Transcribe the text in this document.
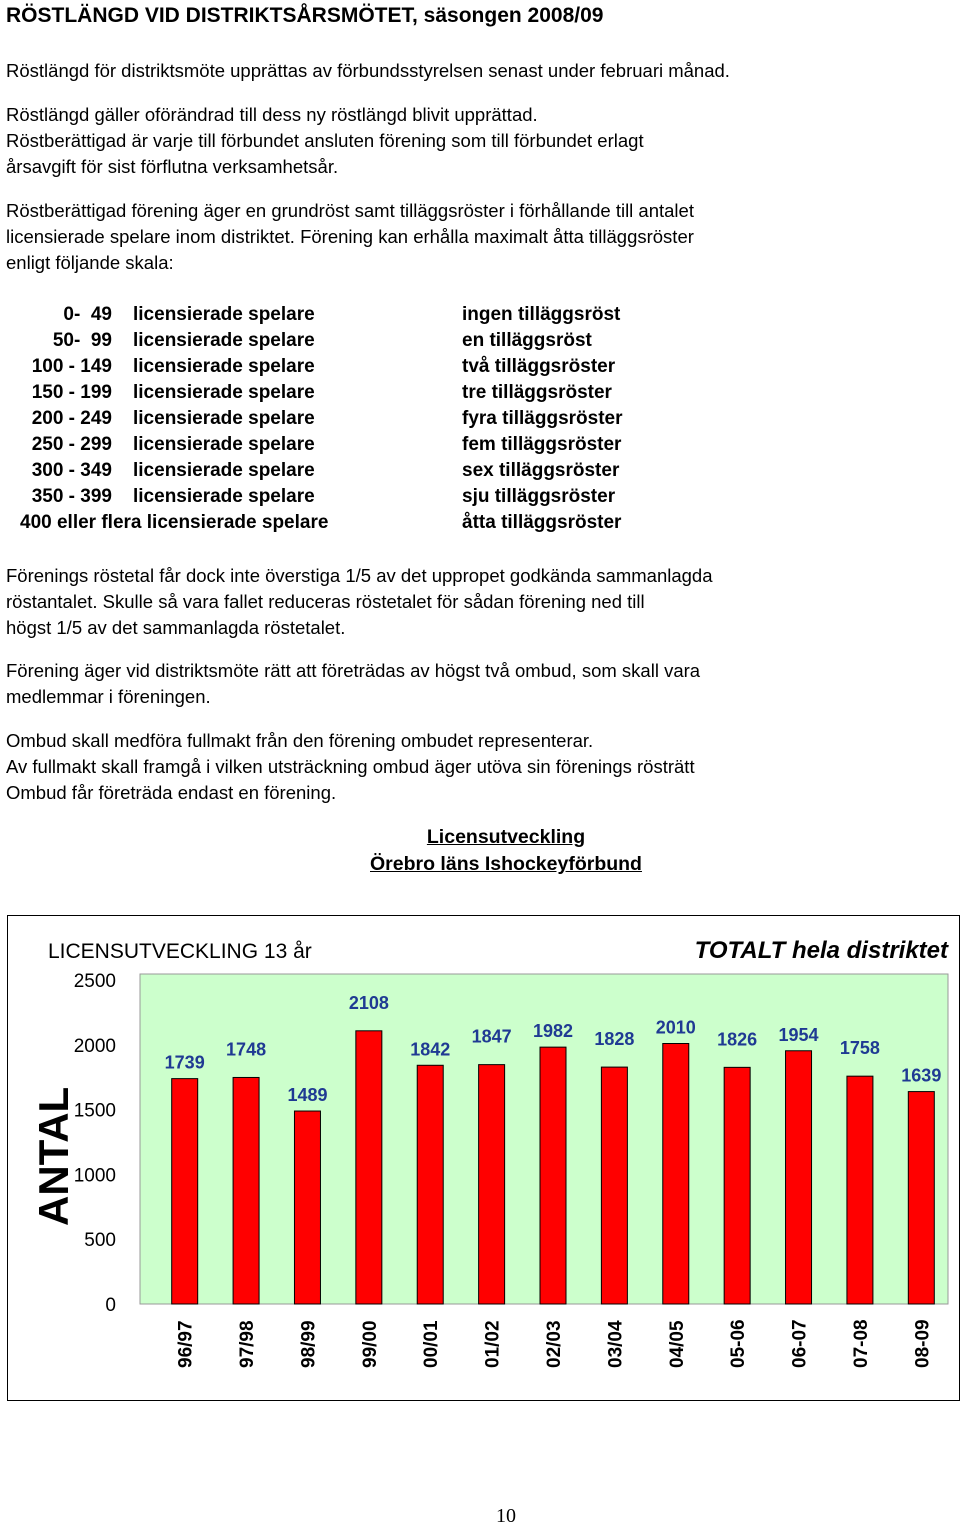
RÖSTLÄNGD VID DISTRIKTSÅRSMÖTET, säsongen 2008/09
Röstlängd för distriktsmöte upprättas av förbundsstyrelsen senast under februari månad.
Röstlängd gäller oförändrad till dess ny röstlängd blivit upprättad.
Röstberättigad är varje till förbundet ansluten förening som till förbundet erlagt
årsavgift för sist förflutna verksamhetsår.
Röstberättigad förening äger en grundröst samt tilläggsröster i förhållande till antalet
licensierade spelare inom distriktet. Förening kan erhålla maximalt åtta tilläggsröster
enligt följande skala:
0-  49 licensierade spelare	ingen tilläggsröst
50-  99 licensierade spelare	en tilläggsröst
100 - 149 licensierade spelare	två tilläggsröster
150 - 199 licensierade spelare	tre tilläggsröster
200 - 249 licensierade spelare	fyra tilläggsröster
250 - 299 licensierade spelare	fem tilläggsröster
300 - 349 licensierade spelare	sex tilläggsröster
350 - 399 licensierade spelare	sju tilläggsröster
400 eller flera licensierade spelare	åtta tilläggsröster
Förenings röstetal får dock inte överstiga 1/5 av det uppropet godkända sammanlagda
röstantalet. Skulle så vara fallet reduceras röstetalet för sådan förening ned till
högst 1/5 av det sammanlagda röstetalet.
Förening äger vid distriktsmöte rätt att företrädas av högst två ombud, som skall vara
medlemmar i föreningen.
Ombud skall medföra fullmakt från den förening ombudet representerar.
Av fullmakt skall framgå i vilken utsträckning ombud äger utöva sin förenings rösträtt
Ombud får företräda endast en förening.
Licensutveckling
Örebro läns Ishockeyförbund
LICENSUTVECKLING 13 år	TOTALT hela distriktet
ANTAL
0
500
1000
1500
2000
2500
1739
1748
1489
2108
1842
1847 1982 1828
2010
1826 1954
1758
1639
96/97 97/98 98/99 99/00 00/01 01/02 02/03 03/04 04/05 05-06 06-07 07-08 08-09
10
